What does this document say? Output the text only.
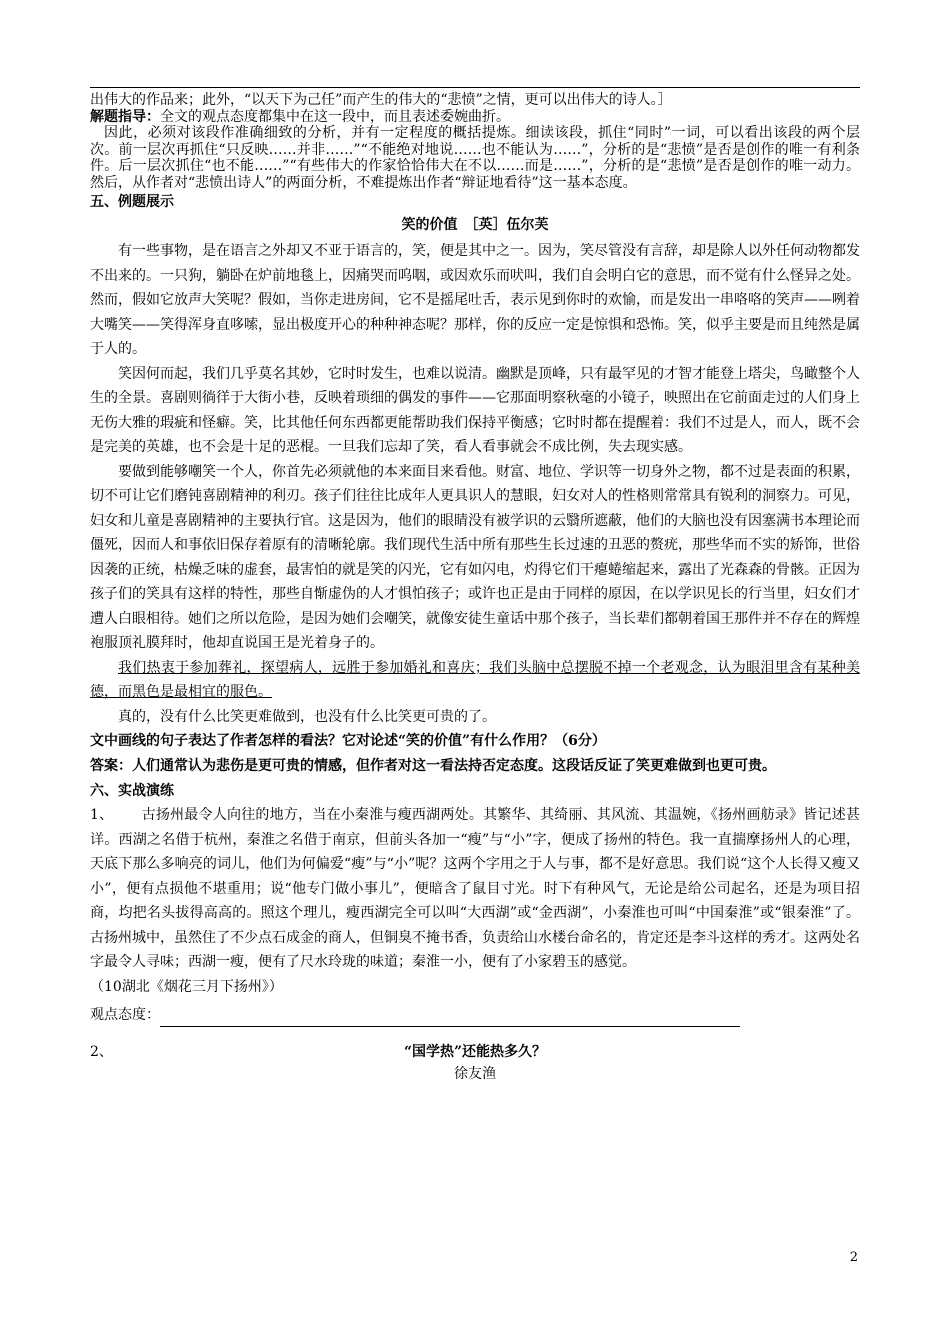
出伟大的作品来；此外，“以天下为己任”而产生的伟大的“悲愤”之情，更可以出伟大的诗人。］

解题指导：全文的观点态度都集中在这一段中，而且表述委婉曲折。

因此，必须对该段作准确细致的分析，并有一定程度的概括提炼。细读该段，抓住“同时”一词，可以看出该段的两个层次。前一层次再抓住“只反映……并非……”“不能绝对地说……也不能认为……”，分析的是“悲愤”是否是创作的唯一有利条件。后一层次抓住“也不能……”“有些伟大的作家恰恰伟大在不以……而是……”，分析的是“悲愤”是否是创作的唯一动力。然后，从作者对“悲愤出诗人”的两面分析，不难提炼出作者“辩证地看待”这一基本态度。

五、例题展示

笑的价值　［英］伍尔芙

有一些事物，是在语言之外却又不亚于语言的，笑，便是其中之一。因为，笑尽管没有言辞，却是除人以外任何动物都发不出来的。一只狗，躺卧在炉前地毯上，因痛哭而呜咽，或因欢乐而吠叫，我们自会明白它的意思，而不觉有什么怪异之处。然而，假如它放声大笑呢？假如，当你走进房间，它不是摇尾吐舌，表示见到你时的欢愉，而是发出一串咯咯的笑声——咧着大嘴笑——笑得浑身直哆嗦，显出极度开心的种种神态呢？那样，你的反应一定是惊惧和恐怖。笑，似乎主要是而且纯然是属于人的。

笑因何而起，我们几乎莫名其妙，它时时发生，也难以说清。幽默是顶峰，只有最罕见的才智才能登上塔尖，鸟瞰整个人生的全景。喜剧则徜徉于大街小巷，反映着琐细的偶发的事件——它那面明察秋毫的小镜子，映照出在它前面走过的人们身上无伤大雅的瑕疵和怪癖。笑，比其他任何东西都更能帮助我们保持平衡感；它时时都在提醒着：我们不过是人，而人，既不会是完美的英雄，也不会是十足的恶棍。一旦我们忘却了笑，看人看事就会不成比例，失去现实感。

要做到能够嘲笑一个人，你首先必须就他的本来面目来看他。财富、地位、学识等一切身外之物，都不过是表面的积累，切不可让它们磨钝喜剧精神的利刃。孩子们往往比成年人更具识人的慧眼，妇女对人的性格则常常具有锐利的洞察力。可见，妇女和儿童是喜剧精神的主要执行官。这是因为，他们的眼睛没有被学识的云翳所遮蔽，他们的大脑也没有因塞满书本理论而僵死，因而人和事依旧保存着原有的清晰轮廓。我们现代生活中所有那些生长过速的丑恶的赘疣，那些华而不实的矫饰，世俗因袭的正统，枯燥乏味的虚套，最害怕的就是笑的闪光，它有如闪电，灼得它们干瘪蜷缩起来，露出了光森森的骨骸。正因为孩子们的笑具有这样的特性，那些自惭虚伪的人才惧怕孩子；或许也正是由于同样的原因，在以学识见长的行当里，妇女们才遭人白眼相待。她们之所以危险，是因为她们会嘲笑，就像安徒生童话中那个孩子，当长辈们都朝着国王那件并不存在的辉煌袍服顶礼膜拜时，他却直说国王是光着身子的。

我们热衷于参加葬礼，探望病人，远胜于参加婚礼和喜庆；我们头脑中总摆脱不掉一个老观念，认为眼泪里含有某种美德，而黑色是最相宜的服色。

真的，没有什么比笑更难做到，也没有什么比笑更可贵的了。

文中画线的句子表达了作者怎样的看法？它对论述“笑的价值”有什么作用？（6分）

答案：人们通常认为悲伤是更可贵的情感，但作者对这一看法持否定态度。这段话反证了笑更难做到也更可贵。

六、实战演练

1、 古扬州最令人向往的地方，当在小秦淮与瘦西湖两处。其繁华、其绮丽、其风流、其温婉，《扬州画舫录》皆记述甚详。西湖之名借于杭州，秦淮之名借于南京，但前头各加一“瘦”与“小”字，便成了扬州的特色。我一直揣摩扬州人的心理，天底下那么多响亮的词儿，他们为何偏爱“瘦”与“小”呢？这两个字用之于人与事，都不是好意思。我们说“这个人长得又瘦又小”，便有点损他不堪重用；说“他专门做小事儿”，便暗含了鼠目寸光。时下有种风气，无论是给公司起名，还是为项目招商，均把名头拔得高高的。照这个理儿，瘦西湖完全可以叫“大西湖”或“金西湖”，小秦淮也可叫“中国秦淮”或“银秦淮”了。古扬州城中，虽然住了不少点石成金的商人，但铜臭不掩书香，负责给山水楼台命名的，肯定还是李斗这样的秀才。这两处名字最令人寻味；西湖一瘦，便有了尺水玲珑的味道；秦淮一小，便有了小家碧玉的感觉。

（10湖北《烟花三月下扬州》）

观点态度：
2、	“国学热”还能热多久？
徐友渔
2
